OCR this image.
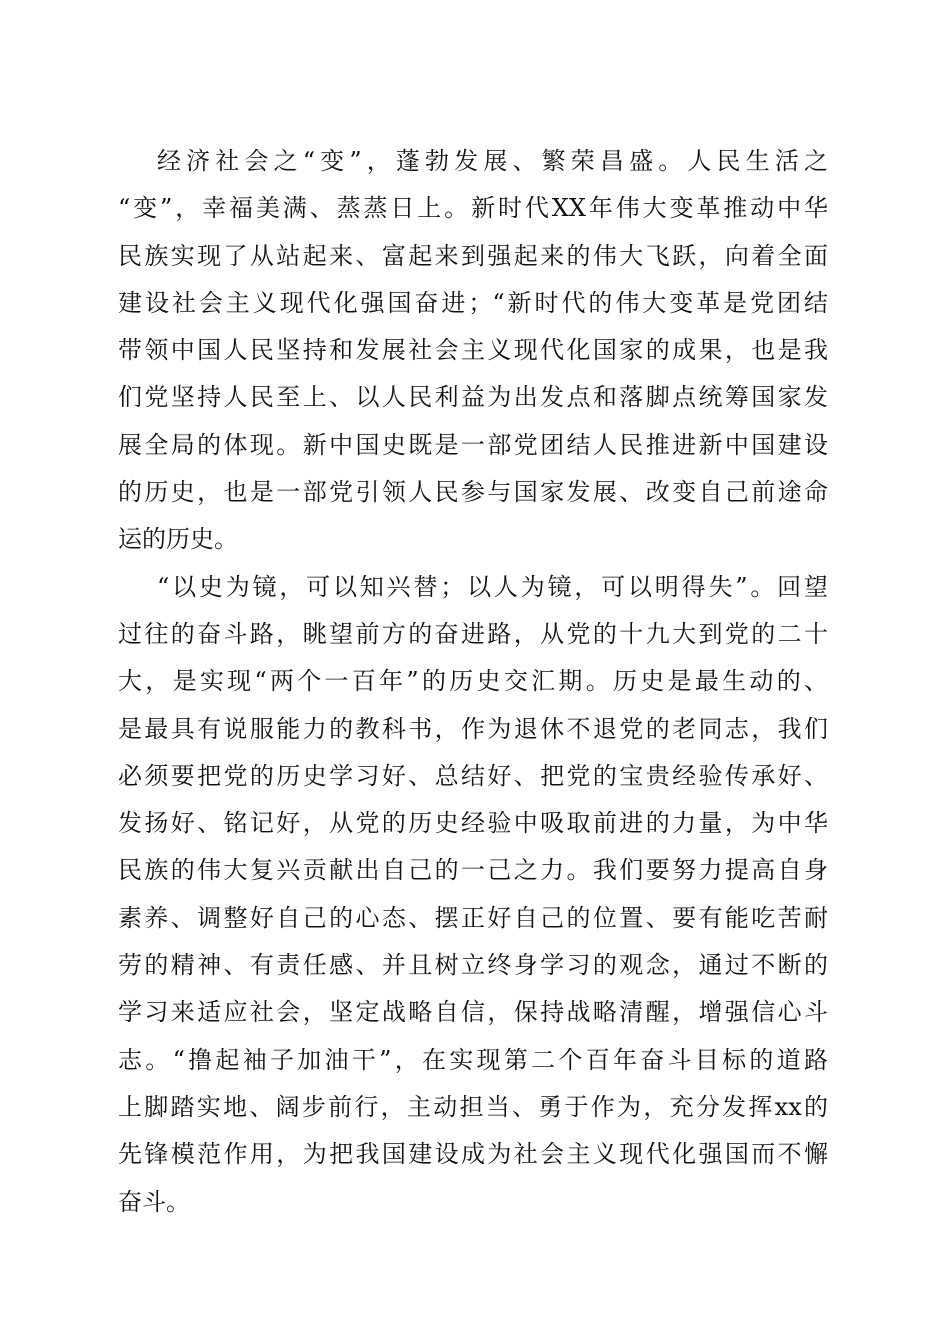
经济社会之“变”，蓬勃发展、繁荣昌盛。人民生活之
“变”，幸福美满、蒸蒸日上。新时代XX年伟大变革推动中华
民族实现了从站起来、富起来到强起来的伟大飞跃，向着全面
建设社会主义现代化强国奋进；“新时代的伟大变革是党团结
带领中国人民坚持和发展社会主义现代化国家的成果，也是我
们党坚持人民至上、以人民利益为出发点和落脚点统筹国家发
展全局的体现。新中国史既是一部党团结人民推进新中国建设
的历史，也是一部党引领人民参与国家发展、改变自己前途命
运的历史。
“以史为镜，可以知兴替；以人为镜，可以明得失”。回望
过往的奋斗路，眺望前方的奋进路，从党的十九大到党的二十
大，是实现“两个一百年”的历史交汇期。历史是最生动的、
是最具有说服能力的教科书，作为退休不退党的老同志，我们
必须要把党的历史学习好、总结好、把党的宝贵经验传承好、
发扬好、铭记好，从党的历史经验中吸取前进的力量，为中华
民族的伟大复兴贡献出自己的一己之力。我们要努力提高自身
素养、调整好自己的心态、摆正好自己的位置、要有能吃苦耐
劳的精神、有责任感、并且树立终身学习的观念，通过不断的
学习来适应社会，坚定战略自信，保持战略清醒，增强信心斗
志。“撸起袖子加油干”，在实现第二个百年奋斗目标的道路
上脚踏实地、阔步前行，主动担当、勇于作为，充分发挥xx的
先锋模范作用，为把我国建设成为社会主义现代化强国而不懈
奋斗。
